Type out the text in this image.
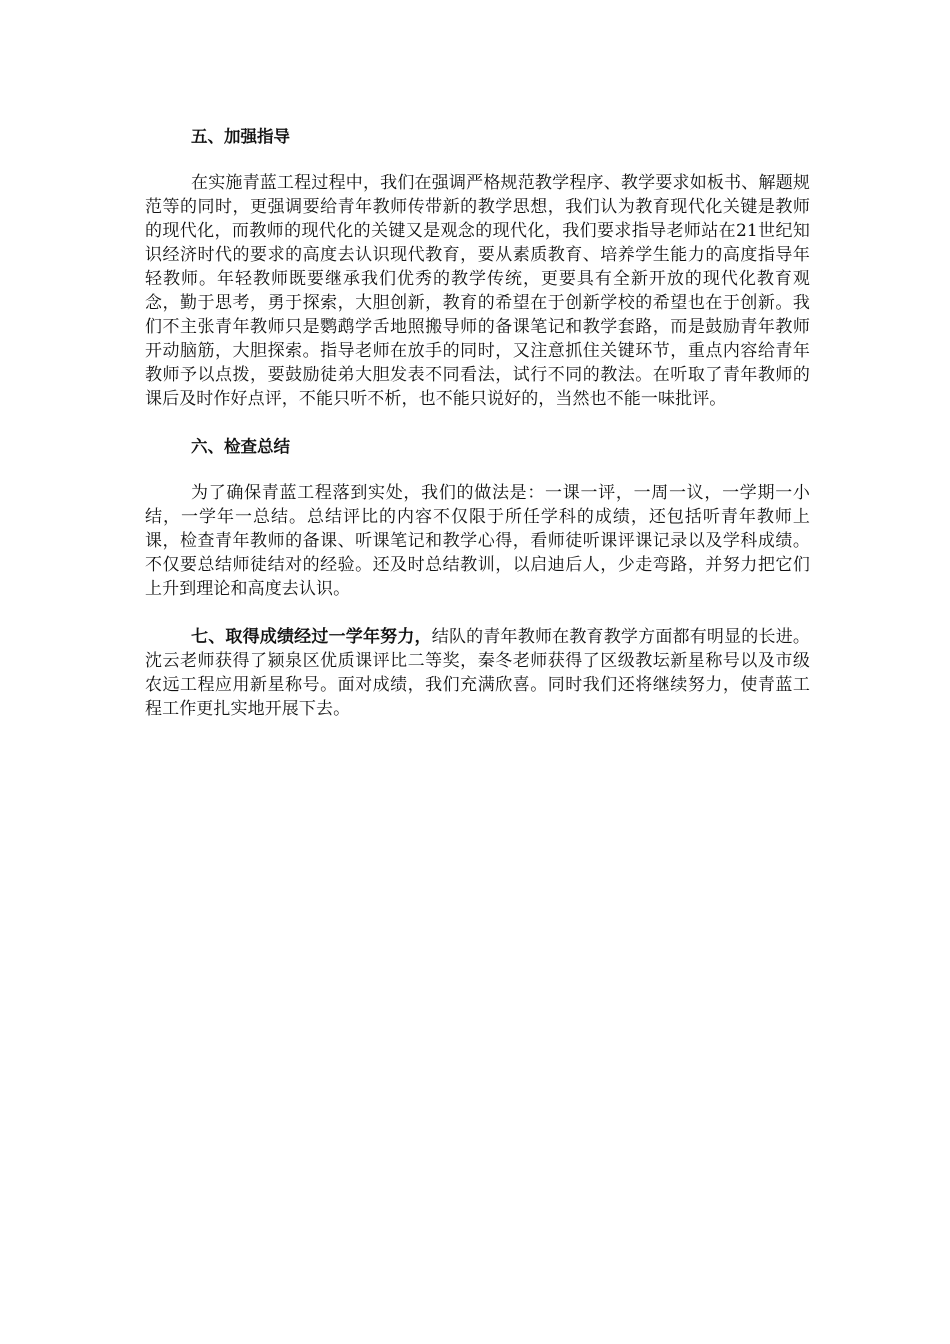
五、加强指导

在实施青蓝工程过程中，我们在强调严格规范教学程序、教学要求如板书、解题规范等的同时，更强调要给青年教师传带新的教学思想，我们认为教育现代化关键是教师的现代化，而教师的现代化的关键又是观念的现代化，我们要求指导老师站在21世纪知识经济时代的要求的高度去认识现代教育，要从素质教育、培养学生能力的高度指导年轻教师。年轻教师既要继承我们优秀的教学传统，更要具有全新开放的现代化教育观念，勤于思考，勇于探索，大胆创新，教育的希望在于创新学校的希望也在于创新。我们不主张青年教师只是鹦鹉学舌地照搬导师的备课笔记和教学套路，而是鼓励青年教师开动脑筋，大胆探索。指导老师在放手的同时，又注意抓住关键环节，重点内容给青年教师予以点拨，要鼓励徒弟大胆发表不同看法，试行不同的教法。在听取了青年教师的课后及时作好点评，不能只听不析，也不能只说好的，当然也不能一味批评。

六、检查总结

为了确保青蓝工程落到实处，我们的做法是：一课一评，一周一议，一学期一小结，一学年一总结。总结评比的内容不仅限于所任学科的成绩，还包括听青年教师上课，检查青年教师的备课、听课笔记和教学心得，看师徒听课评课记录以及学科成绩。不仅要总结师徒结对的经验。还及时总结教训，以启迪后人，少走弯路，并努力把它们上升到理论和高度去认识。

七、取得成绩经过一学年努力，结队的青年教师在教育教学方面都有明显的长进。沈云老师获得了颍泉区优质课评比二等奖，秦冬老师获得了区级教坛新星称号以及市级农远工程应用新星称号。面对成绩，我们充满欣喜。同时我们还将继续努力，使青蓝工程工作更扎实地开展下去。
